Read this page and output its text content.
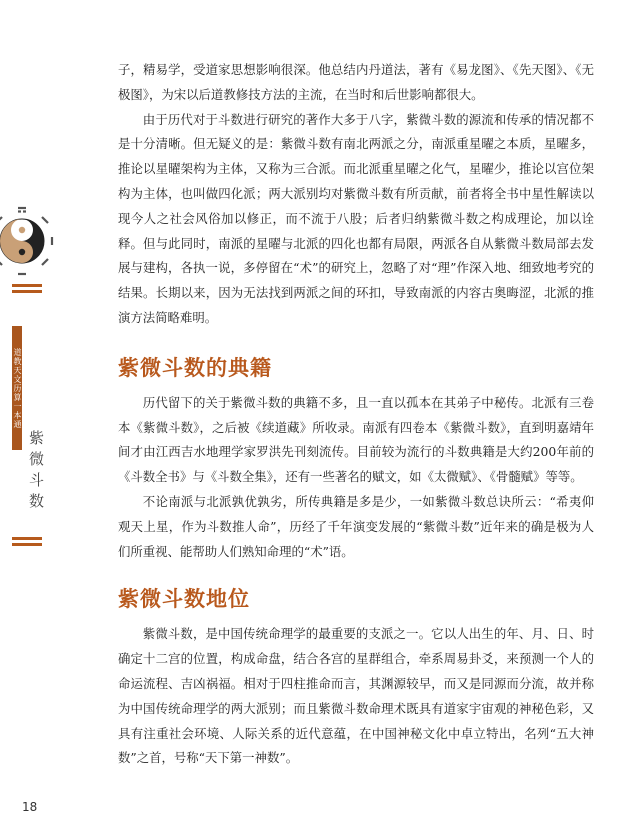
道教天文历算一本通
紫微斗数

子，精易学，受道家思想影响很深。他总结内丹道法，著有《易龙图》、《先天图》、《无极图》，为宋以后道教修技方法的主流，在当时和后世影响都很大。

由于历代对于斗数进行研究的著作大多于八字，紫微斗数的源流和传承的情况都不是十分清晰。但无疑义的是：紫微斗数有南北两派之分，南派重星曜之本质，星曜多，推论以星曜架构为主体，又称为三合派。而北派重星曜之化气，星曜少，推论以宫位架构为主体，也叫做四化派；两大派别均对紫微斗数有所贡献，前者将全书中星性解读以现今人之社会风俗加以修正，而不流于八股；后者归纳紫微斗数之构成理论，加以诠释。但与此同时，南派的星曜与北派的四化也都有局限，两派各自从紫微斗数局部去发展与建构，各执一说，多停留在“术”的研究上，忽略了对“理”作深入地、细致地考究的结果。长期以来，因为无法找到两派之间的环扣，导致南派的内容古奥晦涩，北派的推演方法简略难明。

紫微斗数的典籍

历代留下的关于紫微斗数的典籍不多，且一直以孤本在其弟子中秘传。北派有三卷本《紫微斗数》，之后被《续道藏》所收录。南派有四卷本《紫微斗数》，直到明嘉靖年间才由江西吉水地理学家罗洪先刊刻流传。目前较为流行的斗数典籍是大约200年前的《斗数全书》与《斗数全集》，还有一些著名的赋文，如《太微赋》、《骨髓赋》等等。

不论南派与北派孰优孰劣，所传典籍是多是少，一如紫微斗数总诀所云：“希夷仰观天上星，作为斗数推人命”，历经了千年演变发展的“紫微斗数”近年来的确是极为人们所重视、能帮助人们熟知命理的“术”语。

紫微斗数地位

紫微斗数，是中国传统命理学的最重要的支派之一。它以人出生的年、月、日、时确定十二宫的位置，构成命盘，结合各宫的星群组合，牵系周易卦爻，来预测一个人的命运流程、吉凶祸福。相对于四柱推命而言，其渊源较早，而又是同源而分流，故并称为中国传统命理学的两大派别；而且紫微斗数命理术既具有道家宇宙观的神秘色彩，又具有注重社会环境、人际关系的近代意蕴，在中国神秘文化中卓立特出，名列“五大神数”之首，号称“天下第一神数”。

18
